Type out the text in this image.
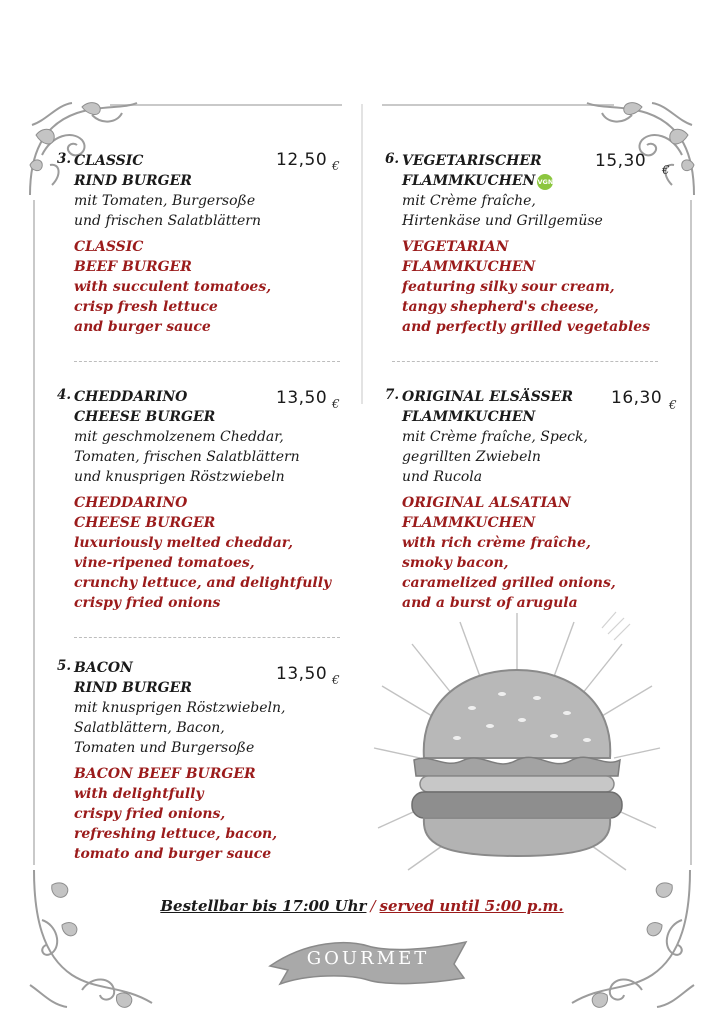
3. CLASSIC
RIND BURGER
mit Tomaten, Burgersoße
und frischen Salatblättern
CLASSIC
BEEF BURGER
with succulent tomatoes,
crisp fresh lettuce
and burger sauce
12,50 €
4. CHEDDARINO
CHEESE BURGER
mit geschmolzenem Cheddar,
Tomaten, frischen Salatblättern
und knusprigen Röstzwiebeln
CHEDDARINO
CHEESE BURGER
luxuriously melted cheddar,
vine-ripened tomatoes,
crunchy lettuce, and delightfully
crispy fried onions
13,50 €
5. BACON
RIND BURGER
mit knusprigen Röstzwiebeln,
Salatblättern, Bacon,
Tomaten und Burgersoße
BACON BEEF BURGER
with delightfully
crispy fried onions,
refreshing lettuce, bacon,
tomato and burger sauce
13,50 €
6. VEGETARISCHER
FLAMMKUCHEN VGN
mit Crème fraîche,
Hirtenkäse und Grillgemüse
VEGETARIAN
FLAMMKUCHEN
featuring silky sour cream,
tangy shepherd's cheese,
and perfectly grilled vegetables
15,30 €
7. ORIGINAL ELSÄSSER
FLAMMKUCHEN
mit Crème fraîche, Speck,
gegrillten Zwiebeln
und Rucola
ORIGINAL ALSATIAN
FLAMMKUCHEN
with rich crème fraîche,
smoky bacon,
caramelized grilled onions,
and a burst of arugula
16,30 €
Bestellbar bis 17:00 Uhr / served until 5:00 p.m.
GOURMET
